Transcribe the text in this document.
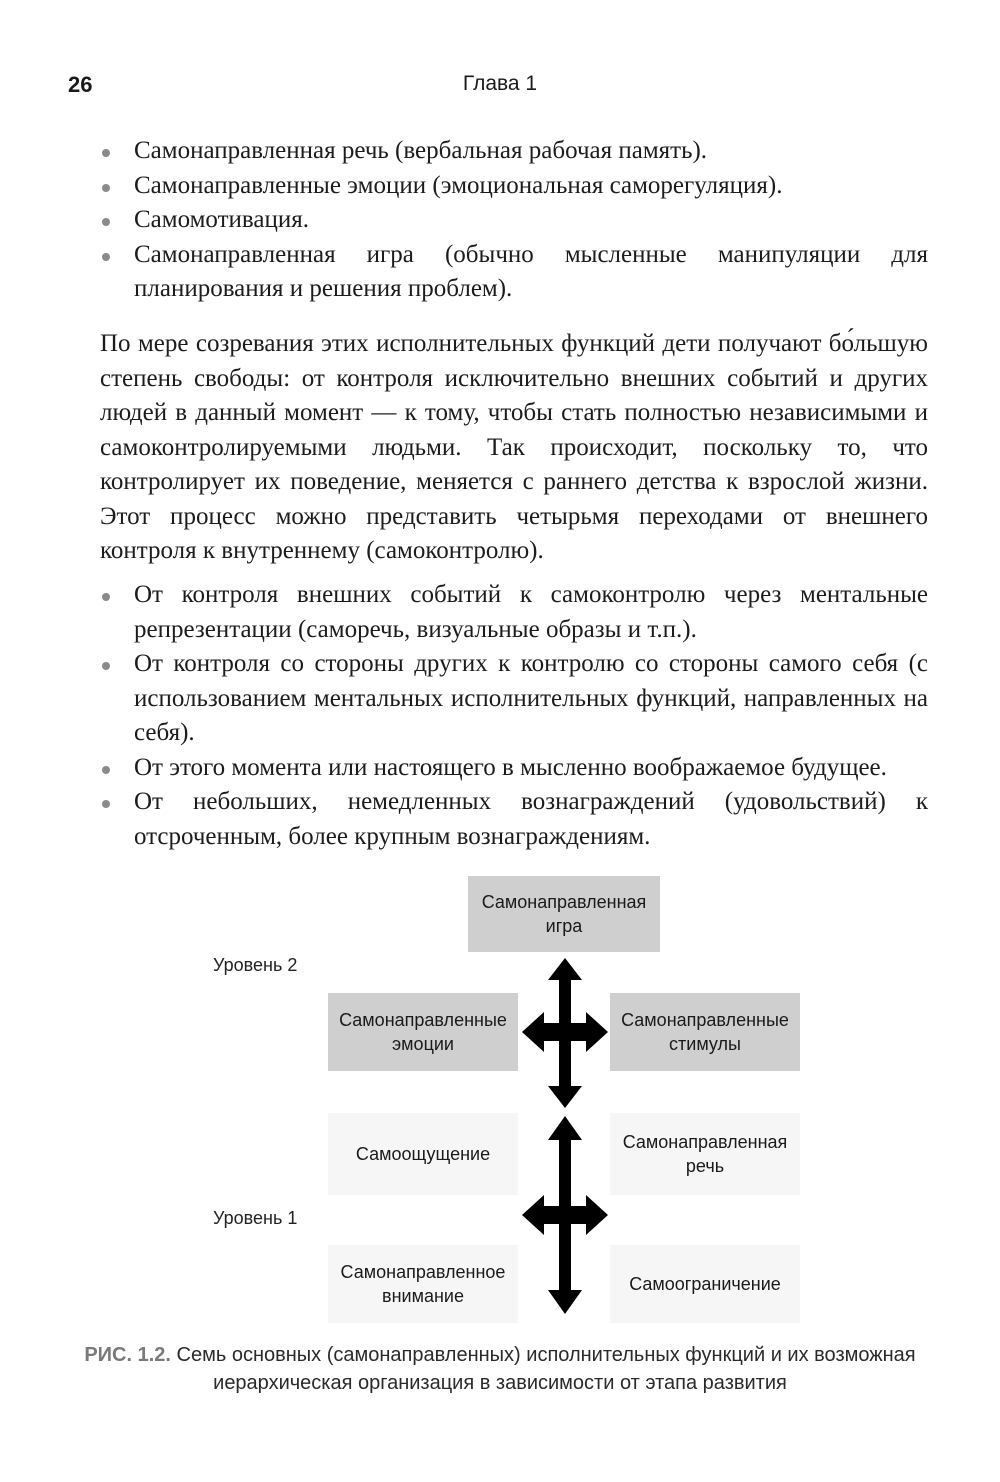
26	Глава 1
Самонаправленная речь (вербальная рабочая память).
Самонаправленные эмоции (эмоциональная саморегуляция).
Самомотивация.
Самонаправленная игра (обычно мысленные манипуляции для планирования и решения проблем).

По мере созревания этих исполнительных функций дети получают бо́льшую степень свободы: от контроля исключительно внешних событий и других людей в данный момент — к тому, чтобы стать полностью независимыми и самоконтролируемыми людьми. Так происходит, поскольку то, что контролирует их поведение, меняется с раннего детства к взрослой жизни. Этот процесс можно представить четырьмя переходами от внешнего контроля к внутреннему (самоконтролю).

От контроля внешних событий к самоконтролю через ментальные репрезентации (саморечь, визуальные образы и т.п.).
От контроля со стороны других к контролю со стороны самого себя (с использованием ментальных исполнительных функций, направленных на себя).
От этого момента или настоящего в мысленно воображаемое будущее.
От небольших, немедленных вознаграждений (удовольствий) к отсроченным, более крупным вознаграждениям.
Уровень 2
Уровень 1
Самонаправленная
игра
Самонаправленные
эмоции
Самонаправленные
стимулы
Самоощущение
Самонаправленная
речь
Самонаправленное
внимание
Самоограничение
РИС. 1.2. Семь основных (самонаправленных) исполнительных функций и их возможная иерархическая организация в зависимости от этапа развития
